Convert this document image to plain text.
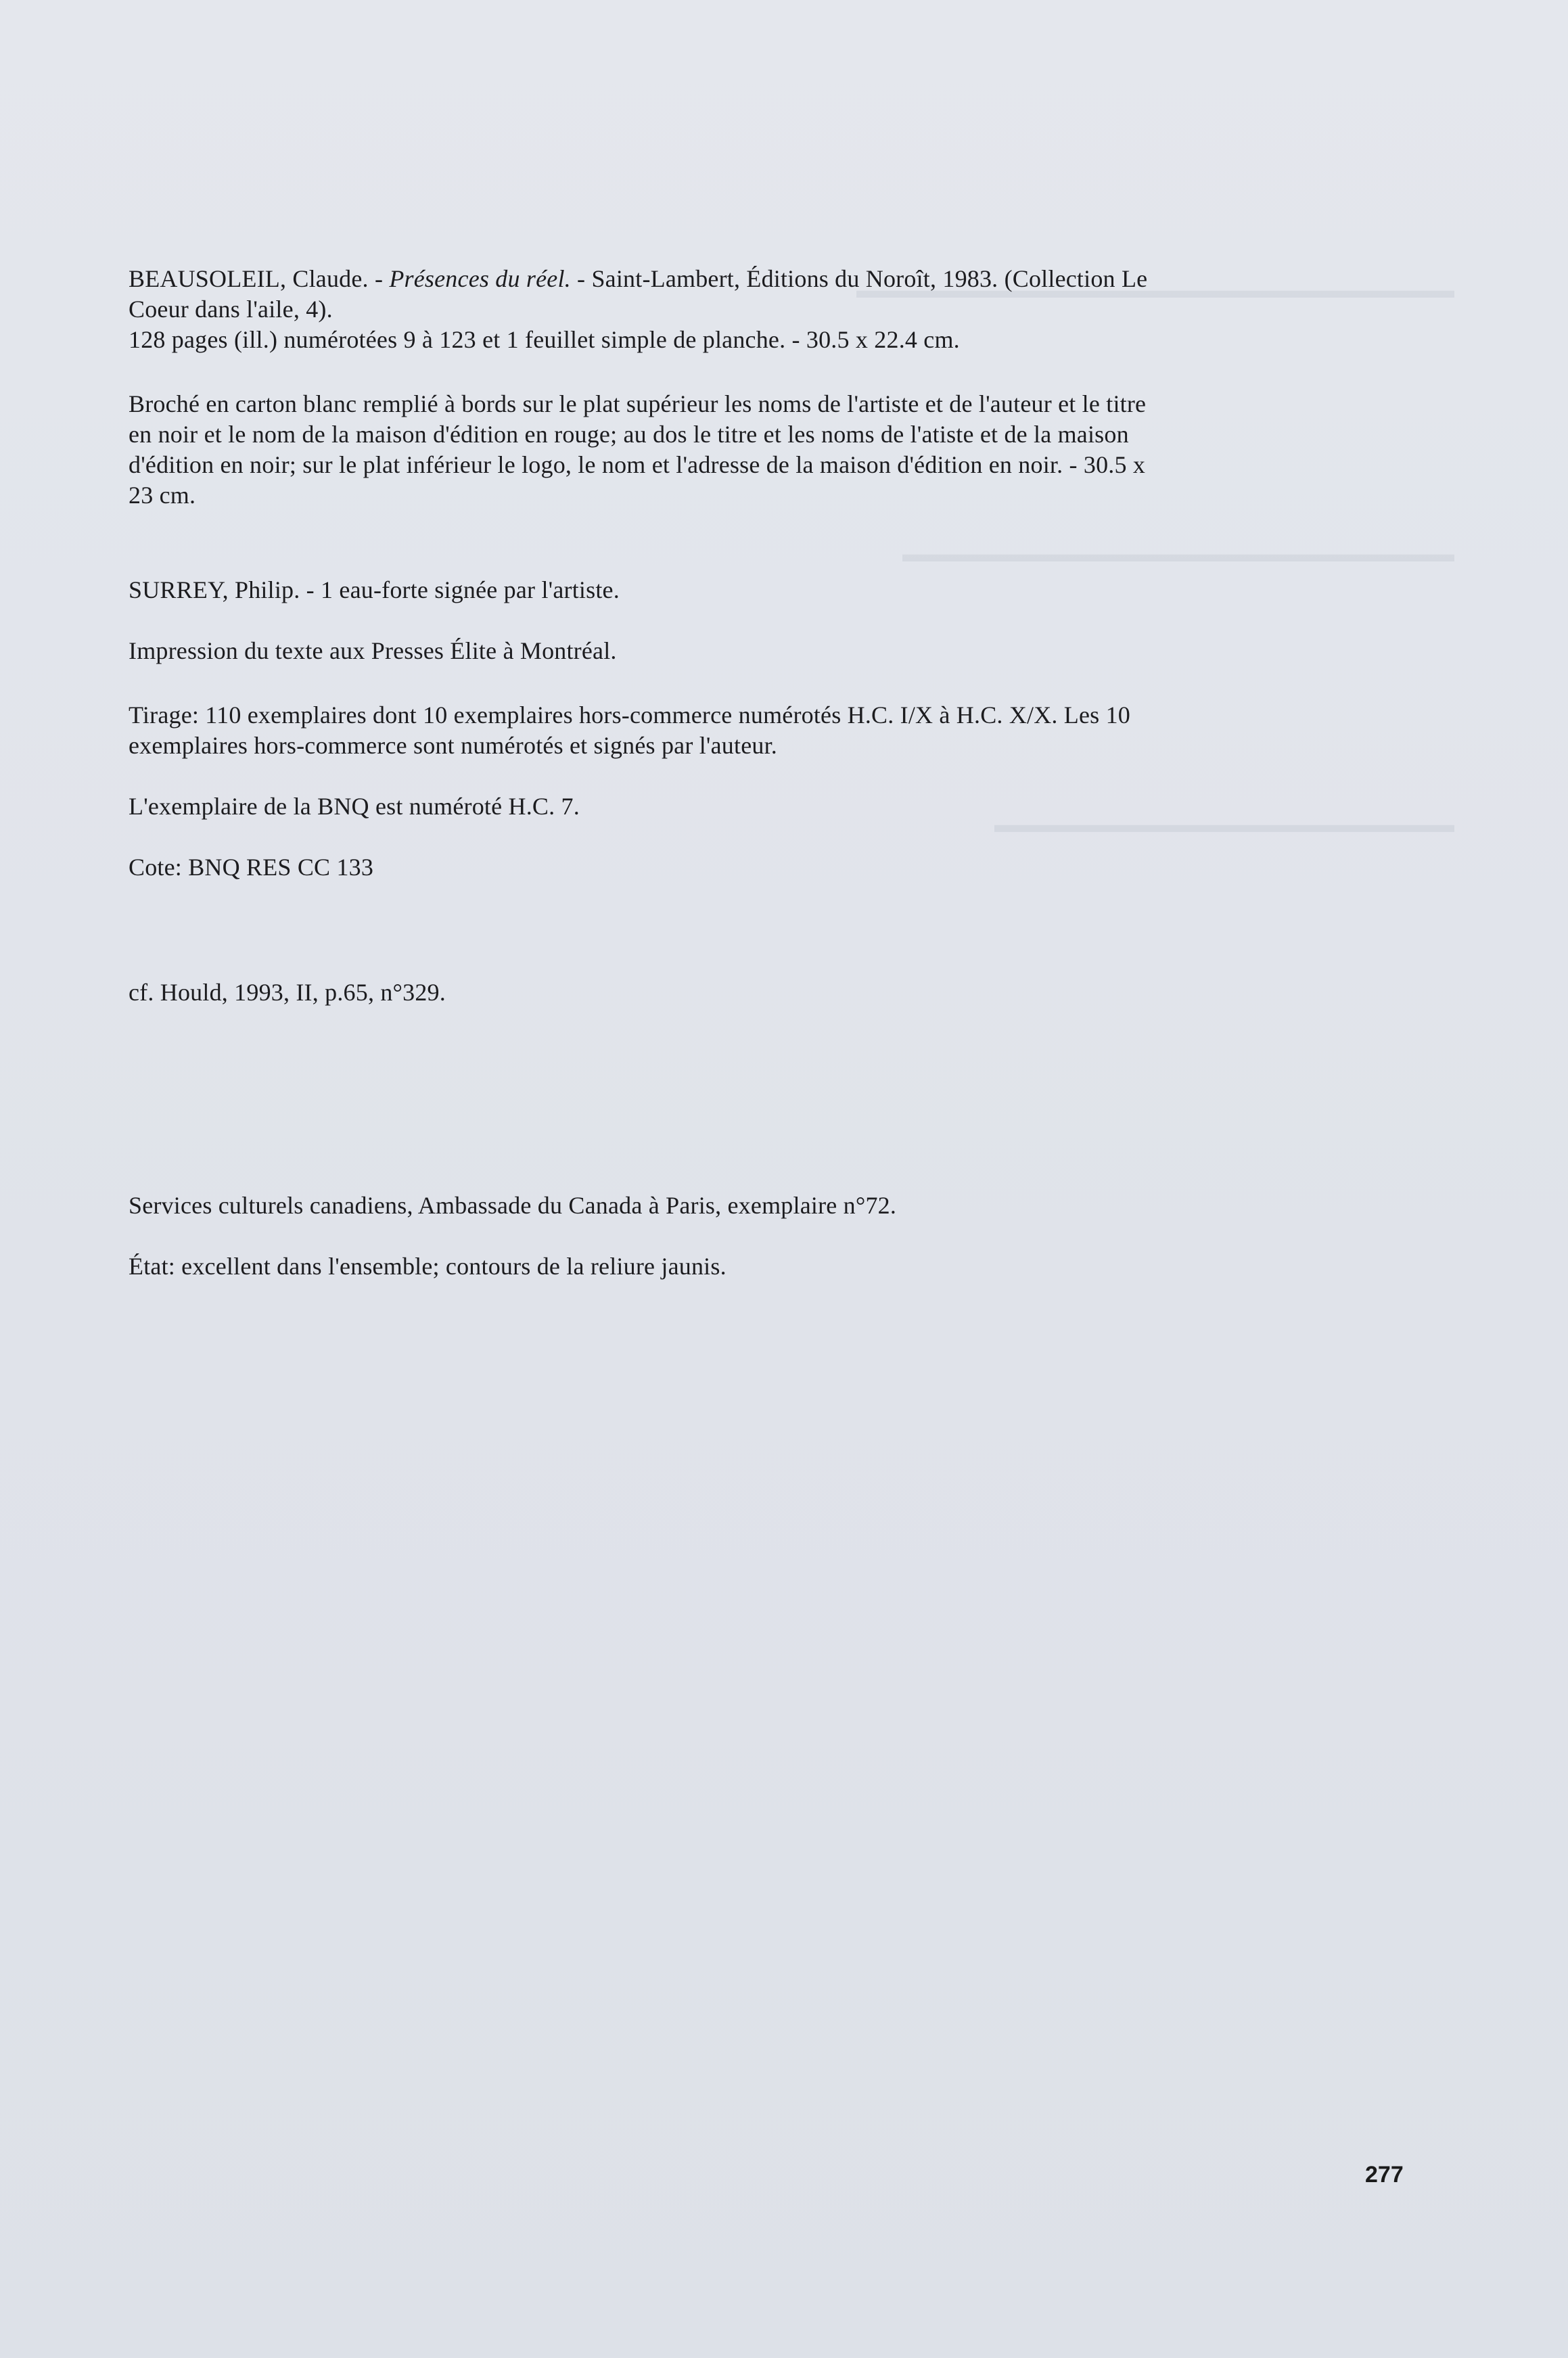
▬▬▬▬▬▬▬▬▬▬▬▬▬▬▬▬▬▬▬▬▬▬▬▬▬▬
▬▬▬▬▬▬▬▬▬▬▬▬▬▬▬▬▬▬▬▬▬▬▬▬
▬▬▬▬▬▬▬▬▬▬▬▬▬▬▬▬▬▬▬▬

BEAUSOLEIL, Claude. - Présences du réel. - Saint-Lambert, Éditions du Noroît, 1983. (Collection Le
Coeur dans l'aile, 4).
128 pages (ill.) numérotées 9 à 123 et 1 feuillet simple de planche. - 30.5 x 22.4 cm.

Broché en carton blanc remplié à bords sur le plat supérieur les noms de l'artiste et de l'auteur et le titre
en noir et le nom de la maison d'édition en rouge; au dos le titre et les noms de l'atiste et de la maison
d'édition en noir; sur le plat inférieur le logo, le nom et l'adresse de la maison d'édition en noir. - 30.5 x
23 cm.

SURREY, Philip. - 1 eau-forte signée par l'artiste.

Impression du texte aux Presses Élite à Montréal.

Tirage: 110 exemplaires dont 10 exemplaires hors-commerce numérotés H.C. I/X à H.C. X/X. Les 10
exemplaires hors-commerce sont numérotés et signés par l'auteur.

L'exemplaire de la BNQ est numéroté H.C. 7.

Cote: BNQ RES CC 133

cf. Hould, 1993, II, p.65, n°329.

Services culturels canadiens, Ambassade du Canada à Paris, exemplaire n°72.

État: excellent dans l'ensemble; contours de la reliure jaunis.

277
